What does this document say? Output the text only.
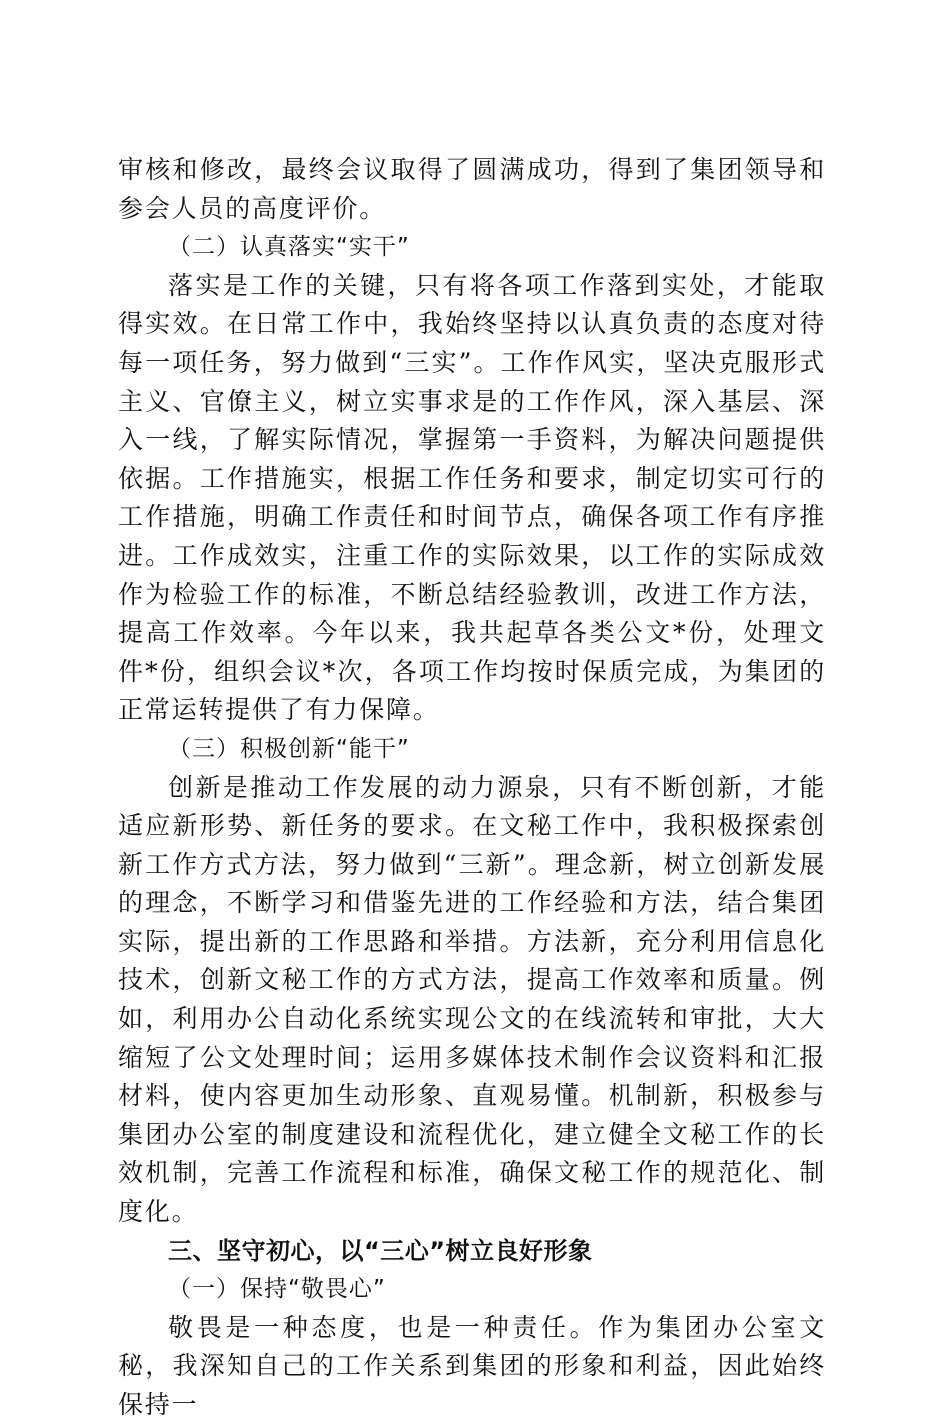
审核和修改，最终会议取得了圆满成功，得到了集团领导和参会人员的高度评价。

（二）认真落实“实干”

落实是工作的关键，只有将各项工作落到实处，才能取得实效。在日常工作中，我始终坚持以认真负责的态度对待每一项任务，努力做到“三实”。工作作风实，坚决克服形式主义、官僚主义，树立实事求是的工作作风，深入基层、深入一线，了解实际情况，掌握第一手资料，为解决问题提供依据。工作措施实，根据工作任务和要求，制定切实可行的工作措施，明确工作责任和时间节点，确保各项工作有序推进。工作成效实，注重工作的实际效果，以工作的实际成效作为检验工作的标准，不断总结经验教训，改进工作方法，提高工作效率。今年以来，我共起草各类公文*份，处理文件*份，组织会议*次，各项工作均按时保质完成，为集团的正常运转提供了有力保障。

（三）积极创新“能干”

创新是推动工作发展的动力源泉，只有不断创新，才能适应新形势、新任务的要求。在文秘工作中，我积极探索创新工作方式方法，努力做到“三新”。理念新，树立创新发展的理念，不断学习和借鉴先进的工作经验和方法，结合集团实际，提出新的工作思路和举措。方法新，充分利用信息化技术，创新文秘工作的方式方法，提高工作效率和质量。例如，利用办公自动化系统实现公文的在线流转和审批，大大缩短了公文处理时间；运用多媒体技术制作会议资料和汇报材料，使内容更加生动形象、直观易懂。机制新，积极参与集团办公室的制度建设和流程优化，建立健全文秘工作的长效机制，完善工作流程和标准，确保文秘工作的规范化、制度化。

三、坚守初心，以“三心”树立良好形象

（一）保持“敬畏心”

敬畏是一种态度，也是一种责任。作为集团办公室文秘，我深知自己的工作关系到集团的形象和利益，因此始终保持一
